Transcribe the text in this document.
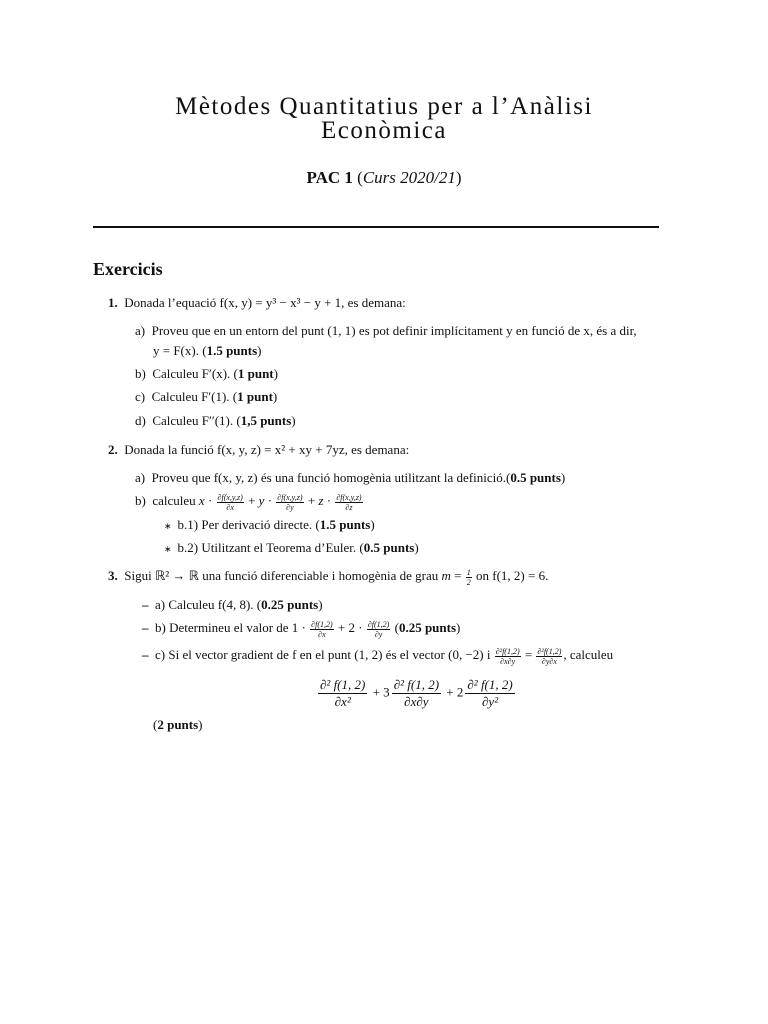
Mètodes Quantitatius per a l’Anàlisi
Econòmica
PAC 1 (Curs 2020/21)
Exercicis
1. Donada l’equació f(x, y) = y³ − x³ − y + 1, es demana:
a) Proveu que en un entorn del punt (1, 1) es pot definir implícitament y en funció de x, és a dir,
y = F(x). (1.5 punts)
b) Calculeu F′(x). (1 punt)
c) Calculeu F′(1). (1 punt)
d) Calculeu F′′(1). (1,5 punts)
2. Donada la funció f(x, y, z) = x² + xy + 7yz, es demana:
a) Proveu que f(x, y, z) és una funció homogènia utilitzant la definició.(0.5 punts)
b) calculeu $x \cdot \frac{\partial f(x,y,z)}{\partial x} + y \cdot \frac{\partial f(x,y,z)}{\partial y} + z \cdot \frac{\partial f(x,y,z)}{\partial z}$
∗ b.1) Per derivació directe. (1.5 punts)
∗ b.2) Utilitzant el Teorema d’Euler. (0.5 punts)
3. Sigui ℝ² → ℝ una funció diferenciable i homogènia de grau $m = \frac{1}{2}$ on f(1, 2) = 6.
– a) Calculeu f(4, 8). (0.25 punts)
– b) Determineu el valor de $1 \cdot \frac{\partial f(1,2)}{\partial x} + 2 \cdot \frac{\partial f(1,2)}{\partial y} (0.25$ punts)
– c) Si el vector gradient de f en el punt (1, 2) és el vector (0, −2) i $\frac{\text{∂²f(1,2)}}{\partial x\partial y} = \frac{\text{∂²f(1,2)}}{\partial y\partial x}$ , calculeu
$\frac{\text{∂² f(1, 2)}}{\text{∂x²}} + 3 \frac{\text{∂² f(1, 2)}}{\partial x\partial y} + 2 \frac{\text{∂² f(1, 2)}}{\text{∂y²}}$
(2 punts)
